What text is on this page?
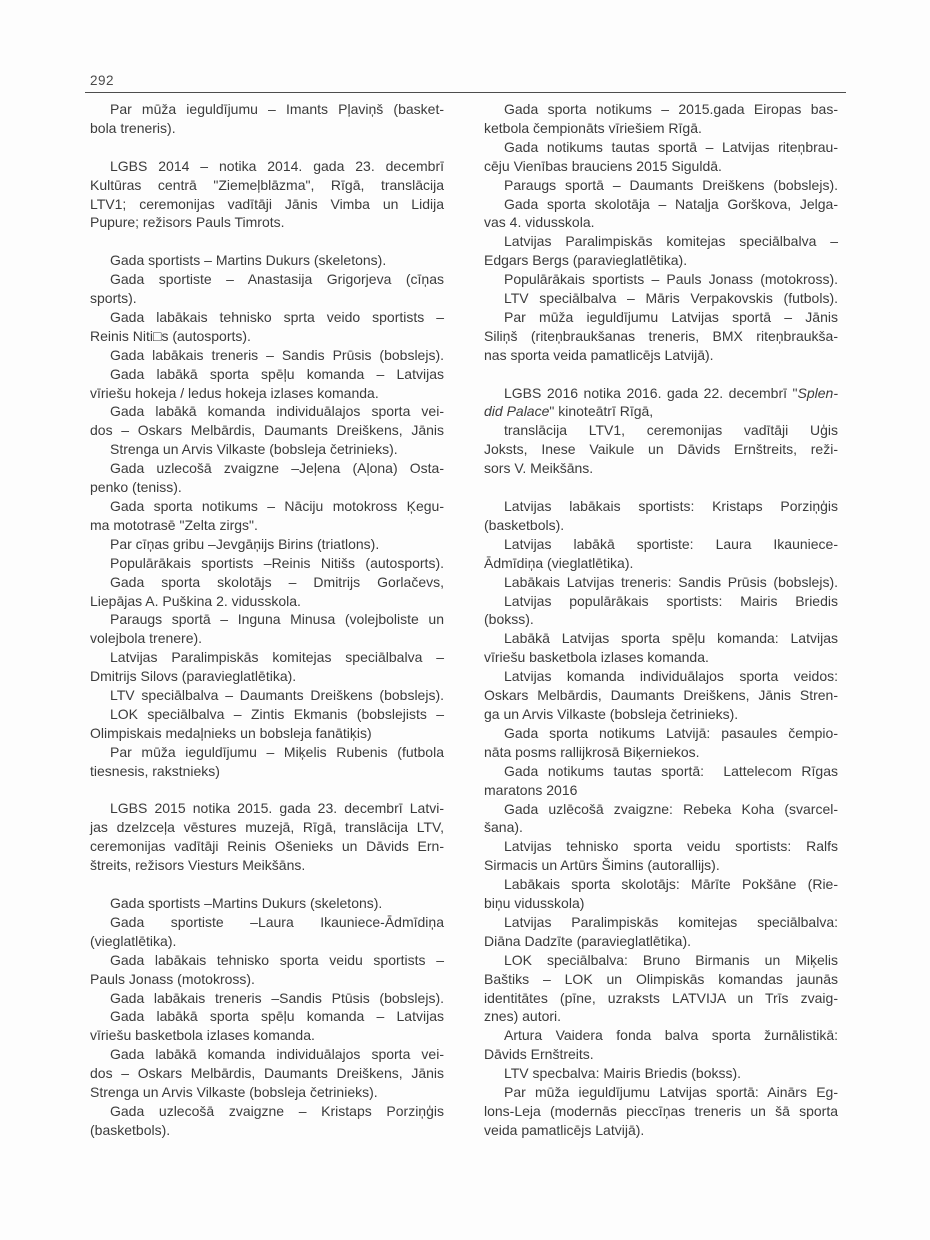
292

Par mūža ieguldījumu – Imants Pļaviņš (basket-
bola treneris).

LGBS 2014 – notika 2014. gada 23. decembrī
Kultūras centrā "Ziemeļblāzma", Rīgā, translācija
LTV1; ceremonijas vadītāji Jānis Vimba un Lidija
Pupure; režisors Pauls Timrots.

Gada sportists – Martins Dukurs (skeletons).

Gada sportiste – Anastasija Grigorjeva (cīņas
sports).

Gada labākais tehnisko sprta veido sportists –
Reinis Niti□s (autosports).

Gada labākais treneris – Sandis Prūsis (bobslejs).

Gada labākā sporta spēļu komanda – Latvijas
vīriešu hokeja / ledus hokeja izlases komanda.

Gada labākā komanda individuālajos sporta vei-
dos – Oskars Melbārdis, Daumants Dreiškens, Jānis

Strenga un Arvis Vilkaste (bobsleja četrinieks).

Gada uzlecošā zvaigzne –Jeļena (Aļona) Osta-
penko (teniss).

Gada sporta notikums – Nāciju motokross Ķegu-
ma mototrasē "Zelta zirgs".

Par cīņas gribu –Jevgāņijs Birins (triatlons).

Populārākais sportists –Reinis Nitišs (autosports).

Gada sporta skolotājs – Dmitrijs Gorlačevs,
Liepājas A. Puškina 2. vidusskola.

Paraugs sportā – Inguna Minusa (volejboliste un
volejbola trenere).

Latvijas Paralimpiskās komitejas speciālbalva –
Dmitrijs Silovs (paravieglatlētika).

LTV speciālbalva – Daumants Dreiškens (bobslejs).

LOK speciālbalva – Zintis Ekmanis (bobslejists –
Olimpiskais medaļnieks un bobsleja fanātiķis)

Par mūža ieguldījumu – Miķelis Rubenis (futbola
tiesnesis, rakstnieks)

LGBS 2015 notika 2015. gada 23. decembrī Latvi-
jas dzelzceļa vēstures muzejā, Rīgā, translācija LTV,
ceremonijas vadītāji Reinis Ošenieks un Dāvids Ern-
štreits, režisors Viesturs Meikšāns.

Gada sportists –Martins Dukurs (skeletons).

Gada sportiste –Laura Ikauniece-Ādmīdiņa
(vieglatlētika).

Gada labākais tehnisko sporta veidu sportists –
Pauls Jonass (motokross).

Gada labākais treneris –Sandis Ptūsis (bobslejs).

Gada labākā sporta spēļu komanda – Latvijas
vīriešu basketbola izlases komanda.

Gada labākā komanda individuālajos sporta vei-
dos – Oskars Melbārdis, Daumants Dreiškens, Jānis
Strenga un Arvis Vilkaste (bobsleja četrinieks).

Gada uzlecošā zvaigzne – Kristaps Porziņģis
(basketbols).

Gada sporta notikums – 2015.gada Eiropas bas-
ketbola čempionāts vīriešiem Rīgā.

Gada notikums tautas sportā – Latvijas riteņbrau-
cēju Vienības brauciens 2015 Siguldā.

Paraugs sportā – Daumants Dreiškens (bobslejs).

Gada sporta skolotāja – Nataļja Gorškova, Jelga-
vas 4. vidusskola.

Latvijas Paralimpiskās komitejas speciālbalva –
Edgars Bergs (paravieglatlētika).

Populārākais sportists – Pauls Jonass (motokross).

LTV speciālbalva – Māris Verpakovskis (futbols).

Par mūža ieguldījumu Latvijas sportā – Jānis
Siliņš (riteņbraukšanas treneris, BMX riteņbraukša-
nas sporta veida pamatlicējs Latvijā).

LGBS 2016 notika 2016. gada 22. decembrī "Splen-
did Palace" kinoteātrī Rīgā,

translācija LTV1, ceremonijas vadītāji Uģis
Joksts, Inese Vaikule un Dāvids Ernštreits, reži-
sors V. Meikšāns.

Latvijas labākais sportists: Kristaps Porziņģis
(basketbols).

Latvijas labākā sportiste: Laura Ikauniece-
Ādmīdiņa (vieglatlētika).

Labākais Latvijas treneris: Sandis Prūsis (bobslejs).

Latvijas populārākais sportists: Mairis Briedis
(bokss).

Labākā Latvijas sporta spēļu komanda: Latvijas
vīriešu basketbola izlases komanda.

Latvijas komanda individuālajos sporta veidos:
Oskars Melbārdis, Daumants Dreiškens, Jānis Stren-
ga un Arvis Vilkaste (bobsleja četrinieks).

Gada sporta notikums Latvijā: pasaules čempio-
nāta posms rallijkrosā Biķerniekos.

Gada notikums tautas sportā:  Lattelecom Rīgas
maratons 2016

Gada uzlēcošā zvaigzne: Rebeka Koha (svarcel-
šana).

Latvijas tehnisko sporta veidu sportists: Ralfs
Sirmacis un Artūrs Šimins (autorallijs).

Labākais sporta skolotājs: Mārīte Pokšāne (Rie-
biņu vidusskola)

Latvijas Paralimpiskās komitejas speciālbalva:
Diāna Dadzīte (paravieglatlētika).

LOK speciālbalva: Bruno Birmanis un Miķelis
Baštiks – LOK un Olimpiskās komandas jaunās
identitātes (pīne, uzraksts LATVIJA un Trīs zvaig-
znes) autori.

Artura Vaidera fonda balva sporta žurnālistikā:
Dāvids Ernštreits.

LTV specbalva: Mairis Briedis (bokss).

Par mūža ieguldījumu Latvijas sportā: Ainārs Eg-
lons-Leja (modernās pieccīņas treneris un šā sporta
veida pamatlicējs Latvijā).
